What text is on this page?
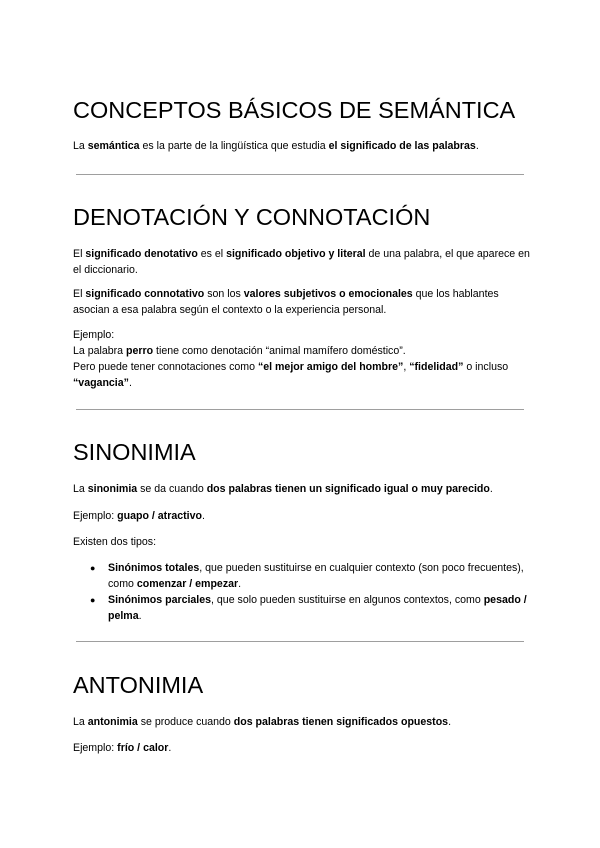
CONCEPTOS BÁSICOS DE SEMÁNTICA

La semántica es la parte de la lingüística que estudia el significado de las palabras.

DENOTACIÓN Y CONNOTACIÓN

El significado denotativo es el significado objetivo y literal de una palabra, el que aparece en el diccionario.

El significado connotativo son los valores subjetivos o emocionales que los hablantes asocian a esa palabra según el contexto o la experiencia personal.

Ejemplo:
La palabra perro tiene como denotación “animal mamífero doméstico”.
Pero puede tener connotaciones como “el mejor amigo del hombre”, “fidelidad” o incluso “vagancia”.
SINONIMIA

La sinonimia se da cuando dos palabras tienen un significado igual o muy parecido.

Ejemplo: guapo / atractivo.

Existen dos tipos:

● Sinónimos totales, que pueden sustituirse en cualquier contexto (son poco frecuentes), como comenzar / empezar.
● Sinónimos parciales, que solo pueden sustituirse en algunos contextos, como pesado / pelma.
ANTONIMIA

La antonimia se produce cuando dos palabras tienen significados opuestos.

Ejemplo: frío / calor.
